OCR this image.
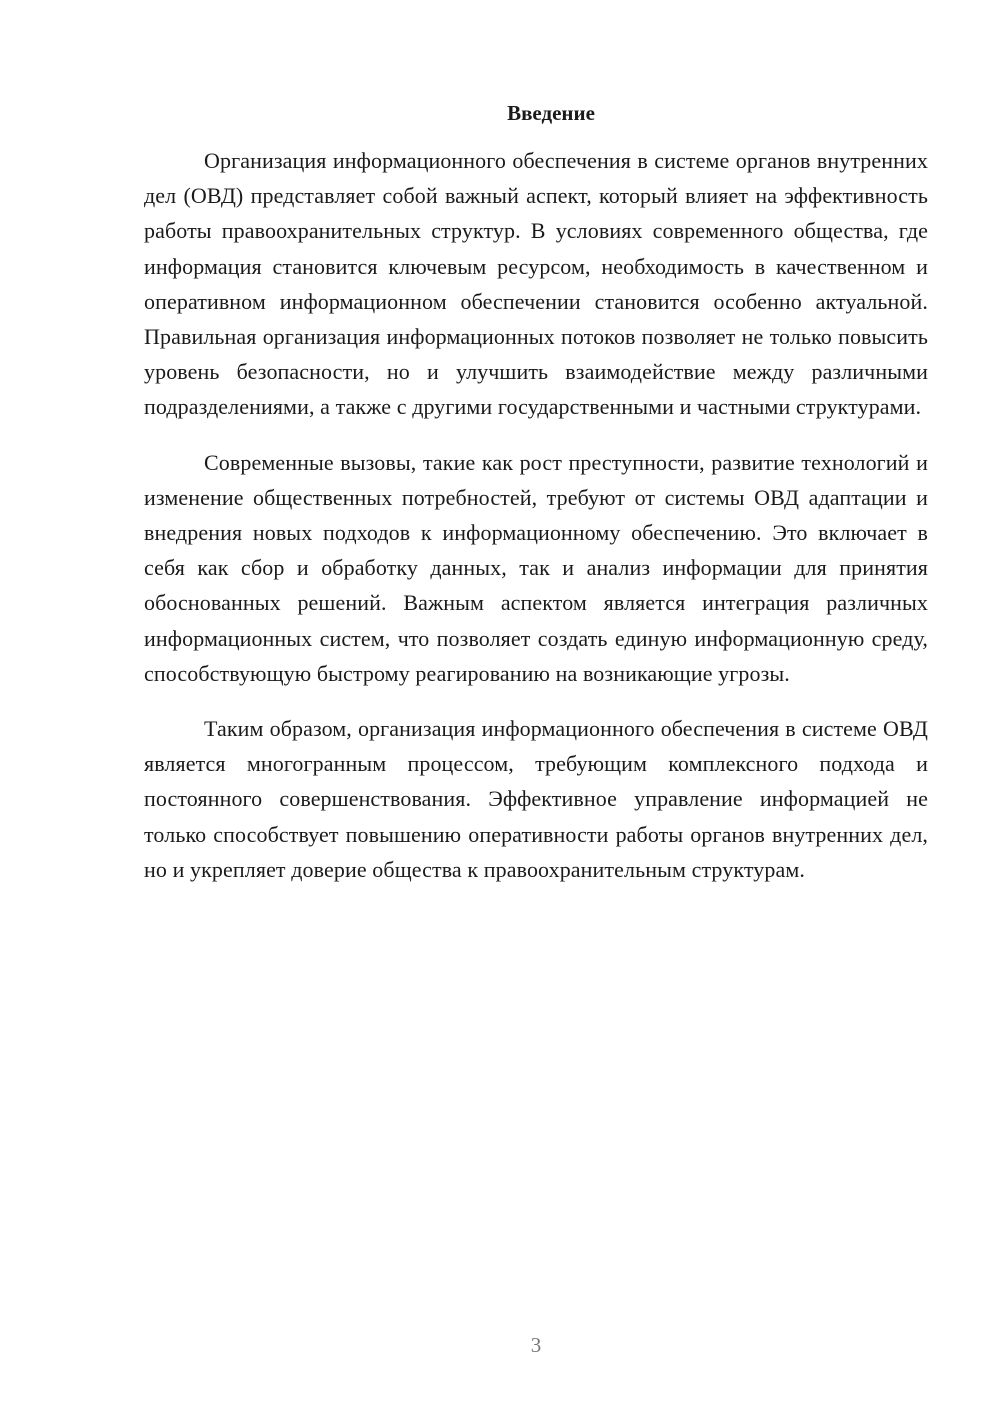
Введение

Организация информационного обеспечения в системе органов внутренних дел (ОВД) представляет собой важный аспект, который влияет на эффективность работы правоохранительных структур. В условиях современного общества, где информация становится ключевым ресурсом, необходимость в качественном и оперативном информационном обеспечении становится особенно актуальной. Правильная организация информационных потоков позволяет не только повысить уровень безопасности, но и улучшить взаимодействие между различными подразделениями, а также с другими государственными и частными структурами.

Современные вызовы, такие как рост преступности, развитие технологий и изменение общественных потребностей, требуют от системы ОВД адаптации и внедрения новых подходов к информационному обеспечению. Это включает в себя как сбор и обработку данных, так и анализ информации для принятия обоснованных решений. Важным аспектом является интеграция различных информационных систем, что позволяет создать единую информационную среду, способствующую быстрому реагированию на возникающие угрозы.

Таким образом, организация информационного обеспечения в системе ОВД является многогранным процессом, требующим комплексного подхода и постоянного совершенствования. Эффективное управление информацией не только способствует повышению оперативности работы органов внутренних дел, но и укрепляет доверие общества к правоохранительным структурам.

3
